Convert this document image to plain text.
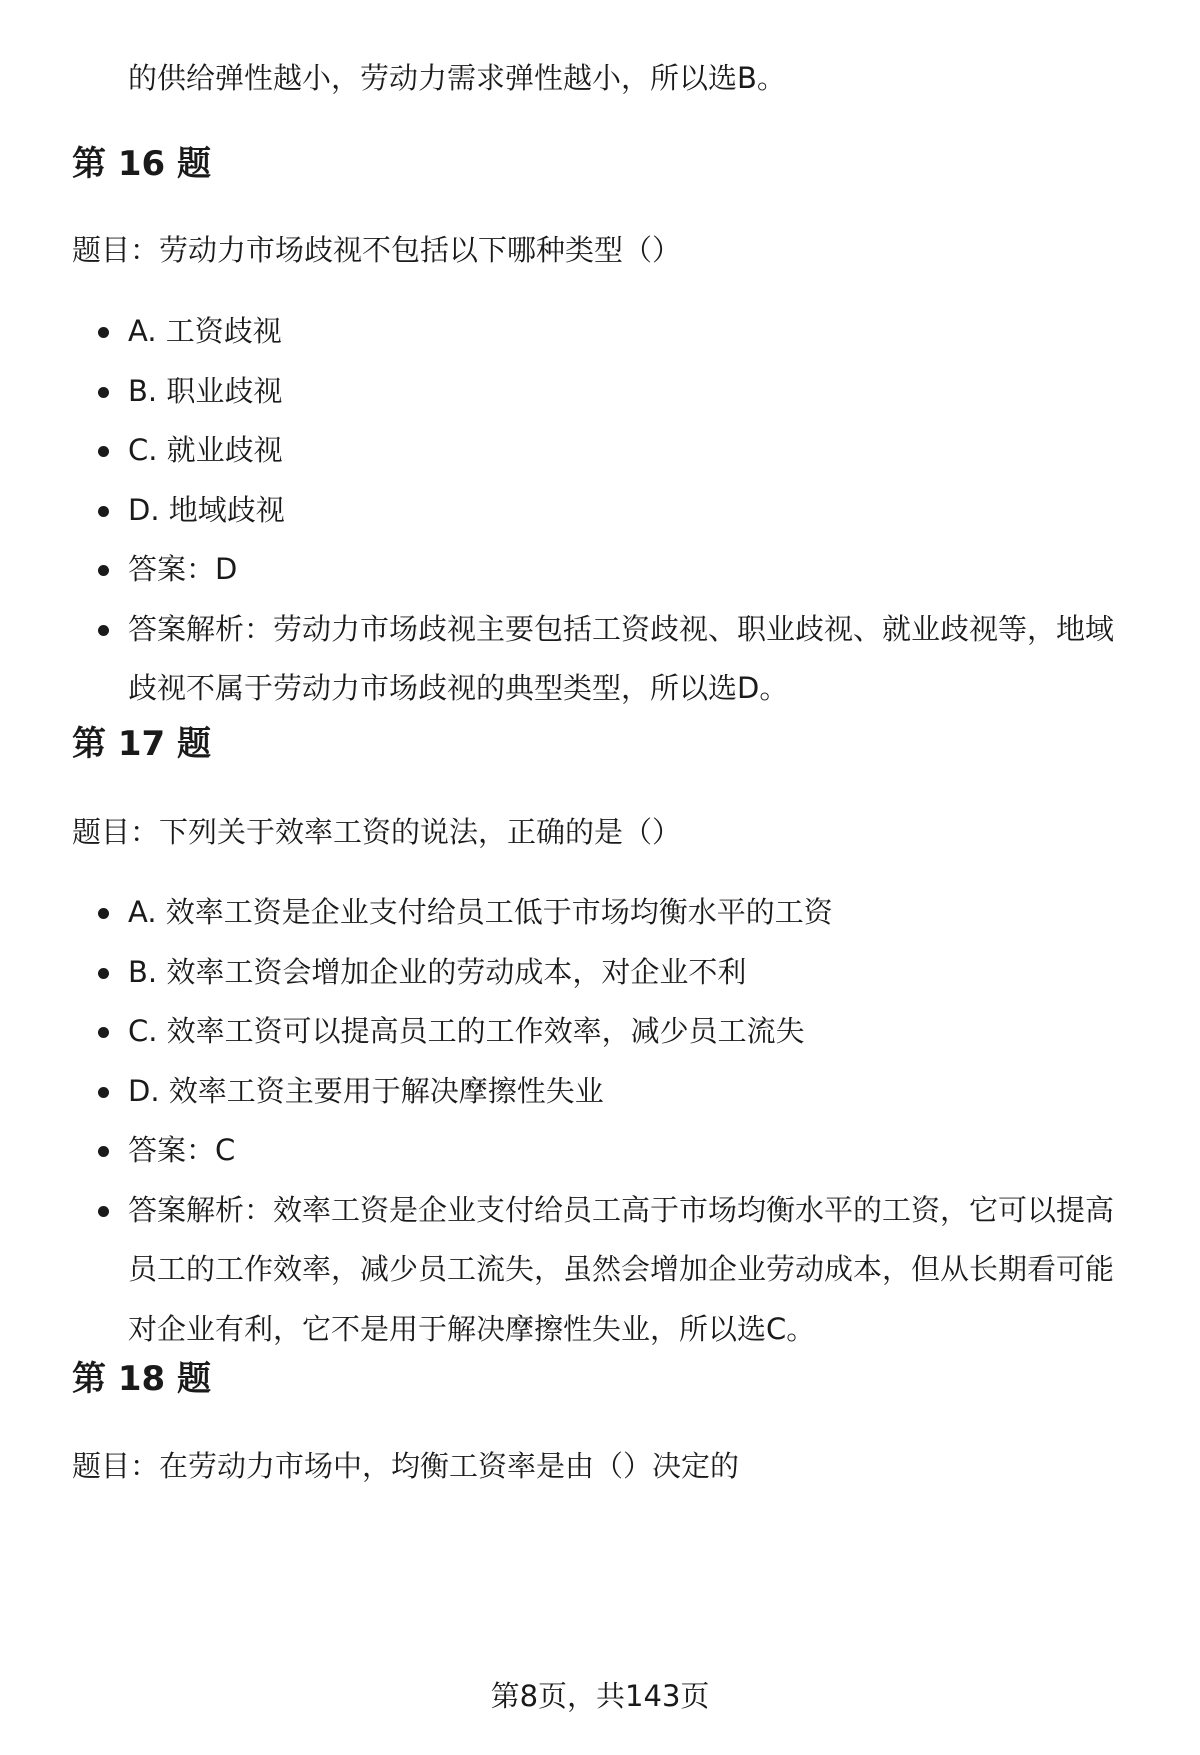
的供给弹性越小，劳动力需求弹性越小，所以选B。
第 16 题
题目：劳动力市场歧视不包括以下哪种类型（）
A. 工资歧视
B. 职业歧视
C. 就业歧视
D. 地域歧视
答案：D
答案解析：劳动力市场歧视主要包括工资歧视、职业歧视、就业歧视等，地域歧视不属于劳动力市场歧视的典型类型，所以选D。
第 17 题
题目：下列关于效率工资的说法，正确的是（）
A. 效率工资是企业支付给员工低于市场均衡水平的工资
B. 效率工资会增加企业的劳动成本，对企业不利
C. 效率工资可以提高员工的工作效率，减少员工流失
D. 效率工资主要用于解决摩擦性失业
答案：C
答案解析：效率工资是企业支付给员工高于市场均衡水平的工资，它可以提高员工的工作效率，减少员工流失，虽然会增加企业劳动成本，但从长期看可能对企业有利，它不是用于解决摩擦性失业，所以选C。
第 18 题
题目：在劳动力市场中，均衡工资率是由（）决定的
第8页，共143页
